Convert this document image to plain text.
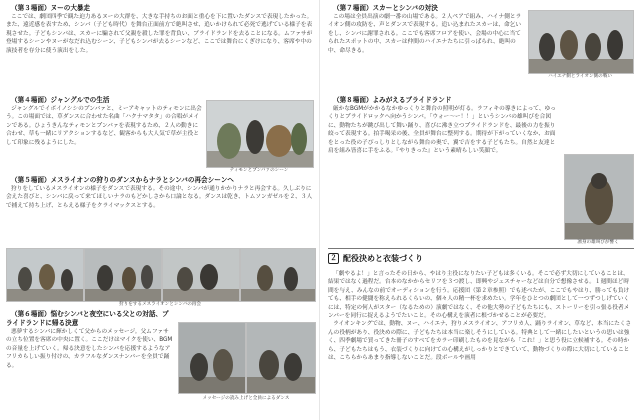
（第３場面）ヌーの大暴走

ここでは、劇団四季で観た迫力あるヌーの大群を、大きな手持ちのお面と重心を下に置いたダンスで表現したかった。また、遠近感を表すため、シンバ（子ども時代）を舞台正面前方で絶叫させ、追いかけられて必死で逃げている様子を表現させた。子どもシンバは、スカーに騙されて父親を殺した罪を背負い、ブライドランドを去ることになる。ムファサが登場するシーンやヌーがなだれ込むシーン、子どもシンバが去るシーンなど、ここでは舞台にくぎけになり、客席や中の演技者を存分に使う演出をした。

（第４場面）ジャングルでの生活

ジャングルでイボイノシシのプンバァと、ミーアキャットのティモンに出会う。この場面では、草ダンスに合わせた名曲「ハクナマタタ」の合唱がメインである。ひょうきんなティモンとプンバァを表現するため、２人の動きに合わせ、草も一緒にリアクションするなど、観客からも大人気で草が主役として印象に残るようにした。

ティモンとプンバァのシーン
（第５場面）メスライオンの狩りのダンスからナラとシンバの再会シーンへ

狩りをしているメスライオンの様子をダンスで表現する。その途中、シンバが通りかかりナラと再会する。久しぶりに会えた喜びと、シンバに戻って来てほしいナラのもどかしさから口論となる。ダンスは乾き、トムソンガゼルを２、３人で捕えて持ち上げ、とらえる様子をクライマックスとする。

狩りをするメスライオンとシンバの再会
（第６場面）悩むシンバと夜空にいる父との対話、プライドランドに帰る決意

悪夢するシンバに輝かしくて父からのメッセージ。父ムファサの立ち位置を客席の中央に置く。ここだけはマイクを使い、BGMの音量を上げていく。帰る決意をしたシンバを応援するようなアフリカらしい振り付けの、カラフルなダンスナンバーを全員で踊る。

メッセージの読み上げと全員によるダンス
（第７場面）スカーとシンバの対決

この場は全員出演の劇一番の山場である。２人ペアで組み、ハイナ側とライオン側の攻防を、声とダンスで表現する。追い込まれたスカーは、命乞いをし、シンバに謝罪される。ここでも客席フロアを使い、会場の中心に当てられたスポットの中、スカーは仲間のハイエナたちに引っぱられ、絶叫の中、命尽きる。

ハイエナ側とライオン側の戦い
（第８場面）よみがえるプライドランド

厳かなBGMがかかるなかゆっくりと舞台の照明が灯る。ラフィキの導きによって、ゆっくりとプライドロックへ向かうシンバ。「ウォー～ー！！」というシンバの雄叫びを合図に、動物たちが跳び出して舞い踊り、喜びに沸き立つプライドランドを、最後の力を振り絞って表現する。拍手喝采の後、全員が舞台に整列する。期待が下がっていくなか、お面をとった役の子ぴっしりとしながら舞台の奥で、翼で吉をする子どもたち。自然と友達と肩を組み皆喜に手をふる。『やりきった』という素晴らしい笑顔で。

凛身の雄叫びが響く
２ 配役決めと衣装づくり

「劇やるよ！」と言ったその日から、やはり主役になりたい子どもは多くいる。そこで必ず大切にしていることは、結果ではなく過程だ。台本のなかからセリフを３つ渡し、即興やジェスチャーなどは自分で想像させる。１週間ほど時間を与え、みんなの前でオーディションを行う。応援団（第２章参照）でも述べたが、ここでもやはり、勝っても負けても、相手の健闘を称えられるくらいの、個々人の精一杯を求めたい。学年をひとつの劇団として一つずつしげていくには、特定の何人がスター（なるための）演劇ではなく、その他大勢の子どもたちにも、ストーリーを引っ張る役者メンバーを同行に捉えるようでたいこと。その心構えを演者に根づかせることが必要だ。

ライオンキングでは、動物、ヌー、ハイエナ、狩りメスライオン、アフリカ人、踊りライオン、草など、本当にたくさんの役柄があり、役決めの際に、子どもたちは本当に楽しそうにしている。特典として一緒にしたいというの思いは強く、四季劇場で買ってきた冊子のすべてをカラー印刷したものを見ながら「これ！」と思う役に立候補する。その時から、子どもたちはもう、衣装づくりに向けての心構えがしっかりとできていて、動物づくりの際に大切にしていることは、こちらからあまり指導しないことだ。段ボールや画用
